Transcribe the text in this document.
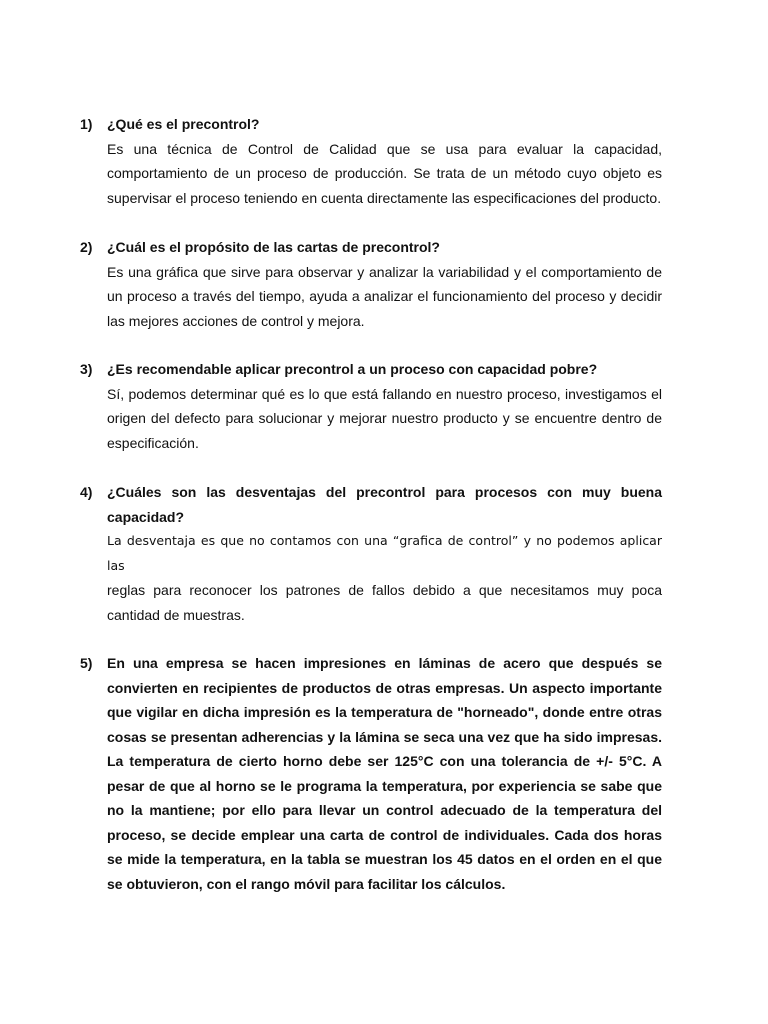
1) ¿Qué es el precontrol?
Es una técnica de Control de Calidad que se usa para evaluar la capacidad, comportamiento de un proceso de producción. Se trata de un método cuyo objeto es supervisar el proceso teniendo en cuenta directamente las especificaciones del producto.
2) ¿Cuál es el propósito de las cartas de precontrol?
Es una gráfica que sirve para observar y analizar la variabilidad y el comportamiento de un proceso a través del tiempo, ayuda a analizar el funcionamiento del proceso y decidir las mejores acciones de control y mejora.
3) ¿Es recomendable aplicar precontrol a un proceso con capacidad pobre?
Sí, podemos determinar qué es lo que está fallando en nuestro proceso, investigamos el origen del defecto para solucionar y mejorar nuestro producto y se encuentre dentro de especificación.
4) ¿Cuáles son las desventajas del precontrol para procesos con muy buena capacidad?
La desventaja es que no contamos con una “grafica de control” y no podemos aplicar las
reglas para reconocer los patrones de fallos debido a que necesitamos muy poca cantidad de muestras.
5) En una empresa se hacen impresiones en láminas de acero que después se convierten en recipientes de productos de otras empresas. Un aspecto importante que vigilar en dicha impresión es la temperatura de "horneado", donde entre otras cosas se presentan adherencias y la lámina se seca una vez que ha sido impresas. La temperatura de cierto horno debe ser 125°C con una tolerancia de +/- 5°C. A pesar de que al horno se le programa la temperatura, por experiencia se sabe que no la mantiene; por ello para llevar un control adecuado de la temperatura del proceso, se decide emplear una carta de control de individuales. Cada dos horas se mide la temperatura, en la tabla se muestran los 45 datos en el orden en el que se obtuvieron, con el rango móvil para facilitar los cálculos.
